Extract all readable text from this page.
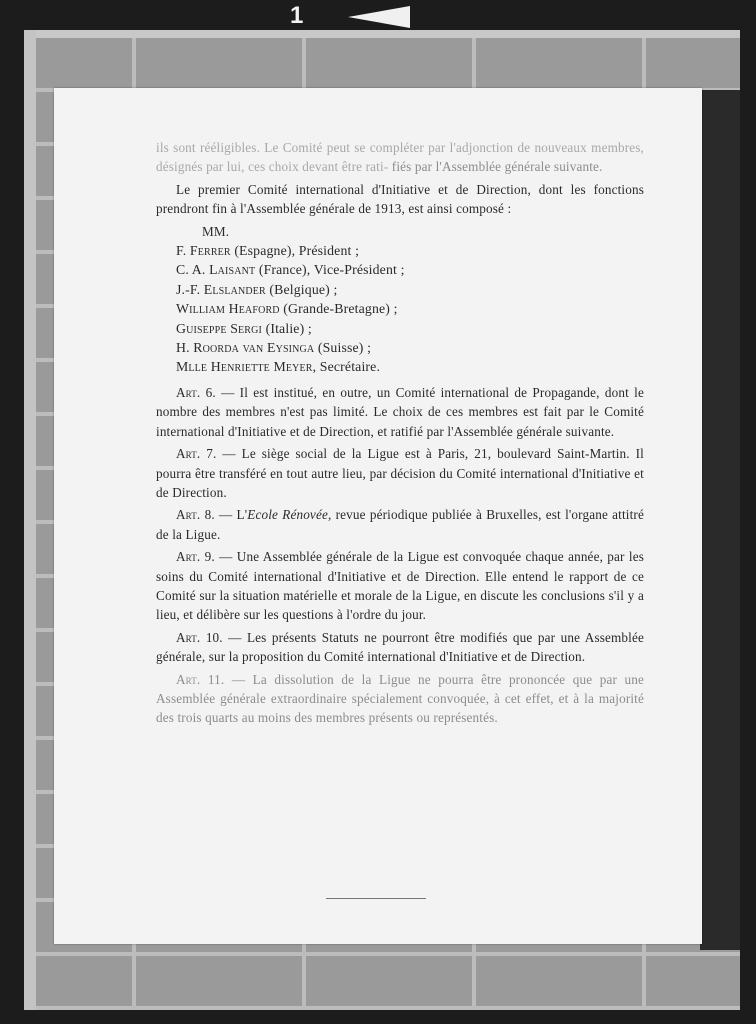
1

ils sont rééligibles. Le Comité peut se compléter par l'adjonction de nouveaux membres, désignés par lui, ces choix devant être rati- fiés par l'Assemblée générale suivante.

Le premier Comité international d'Initiative et de Direction, dont les fonctions prendront fin à l'Assemblée générale de 1913, est ainsi composé :

MM.
F. Ferrer (Espagne), Président ;
C. A. Laisant (France), Vice-Président ;
J.-F. Elslander (Belgique) ;
William Heaford (Grande-Bretagne) ;
Guiseppe Sergi (Italie) ;
H. Roorda van Eysinga (Suisse) ;
Mlle Henriette Meyer, Secrétaire.

Art. 6. — Il est institué, en outre, un Comité international de Propagande, dont le nombre des membres n'est pas limité. Le choix de ces membres est fait par le Comité international d'Initiative et de Direction, et ratifié par l'Assemblée générale suivante.

Art. 7. — Le siège social de la Ligue est à Paris, 21, boulevard Saint-Martin. Il pourra être transféré en tout autre lieu, par décision du Comité international d'Initiative et de Direction.

Art. 8. — L'Ecole Rénovée, revue périodique publiée à Bruxelles, est l'organe attitré de la Ligue.

Art. 9. — Une Assemblée générale de la Ligue est convoquée chaque année, par les soins du Comité international d'Initiative et de Direction. Elle entend le rapport de ce Comité sur la situation matérielle et morale de la Ligue, en discute les conclusions s'il y a lieu, et délibère sur les questions à l'ordre du jour.

Art. 10. — Les présents Statuts ne pourront être modifiés que par une Assemblée générale, sur la proposition du Comité international d'Initiative et de Direction.

Art. 11. — La dissolution de la Ligue ne pourra être prononcée que par une Assemblée générale extraordinaire spécialement convoquée, à cet effet, et à la majorité des trois quarts au moins des membres présents ou représentés.
